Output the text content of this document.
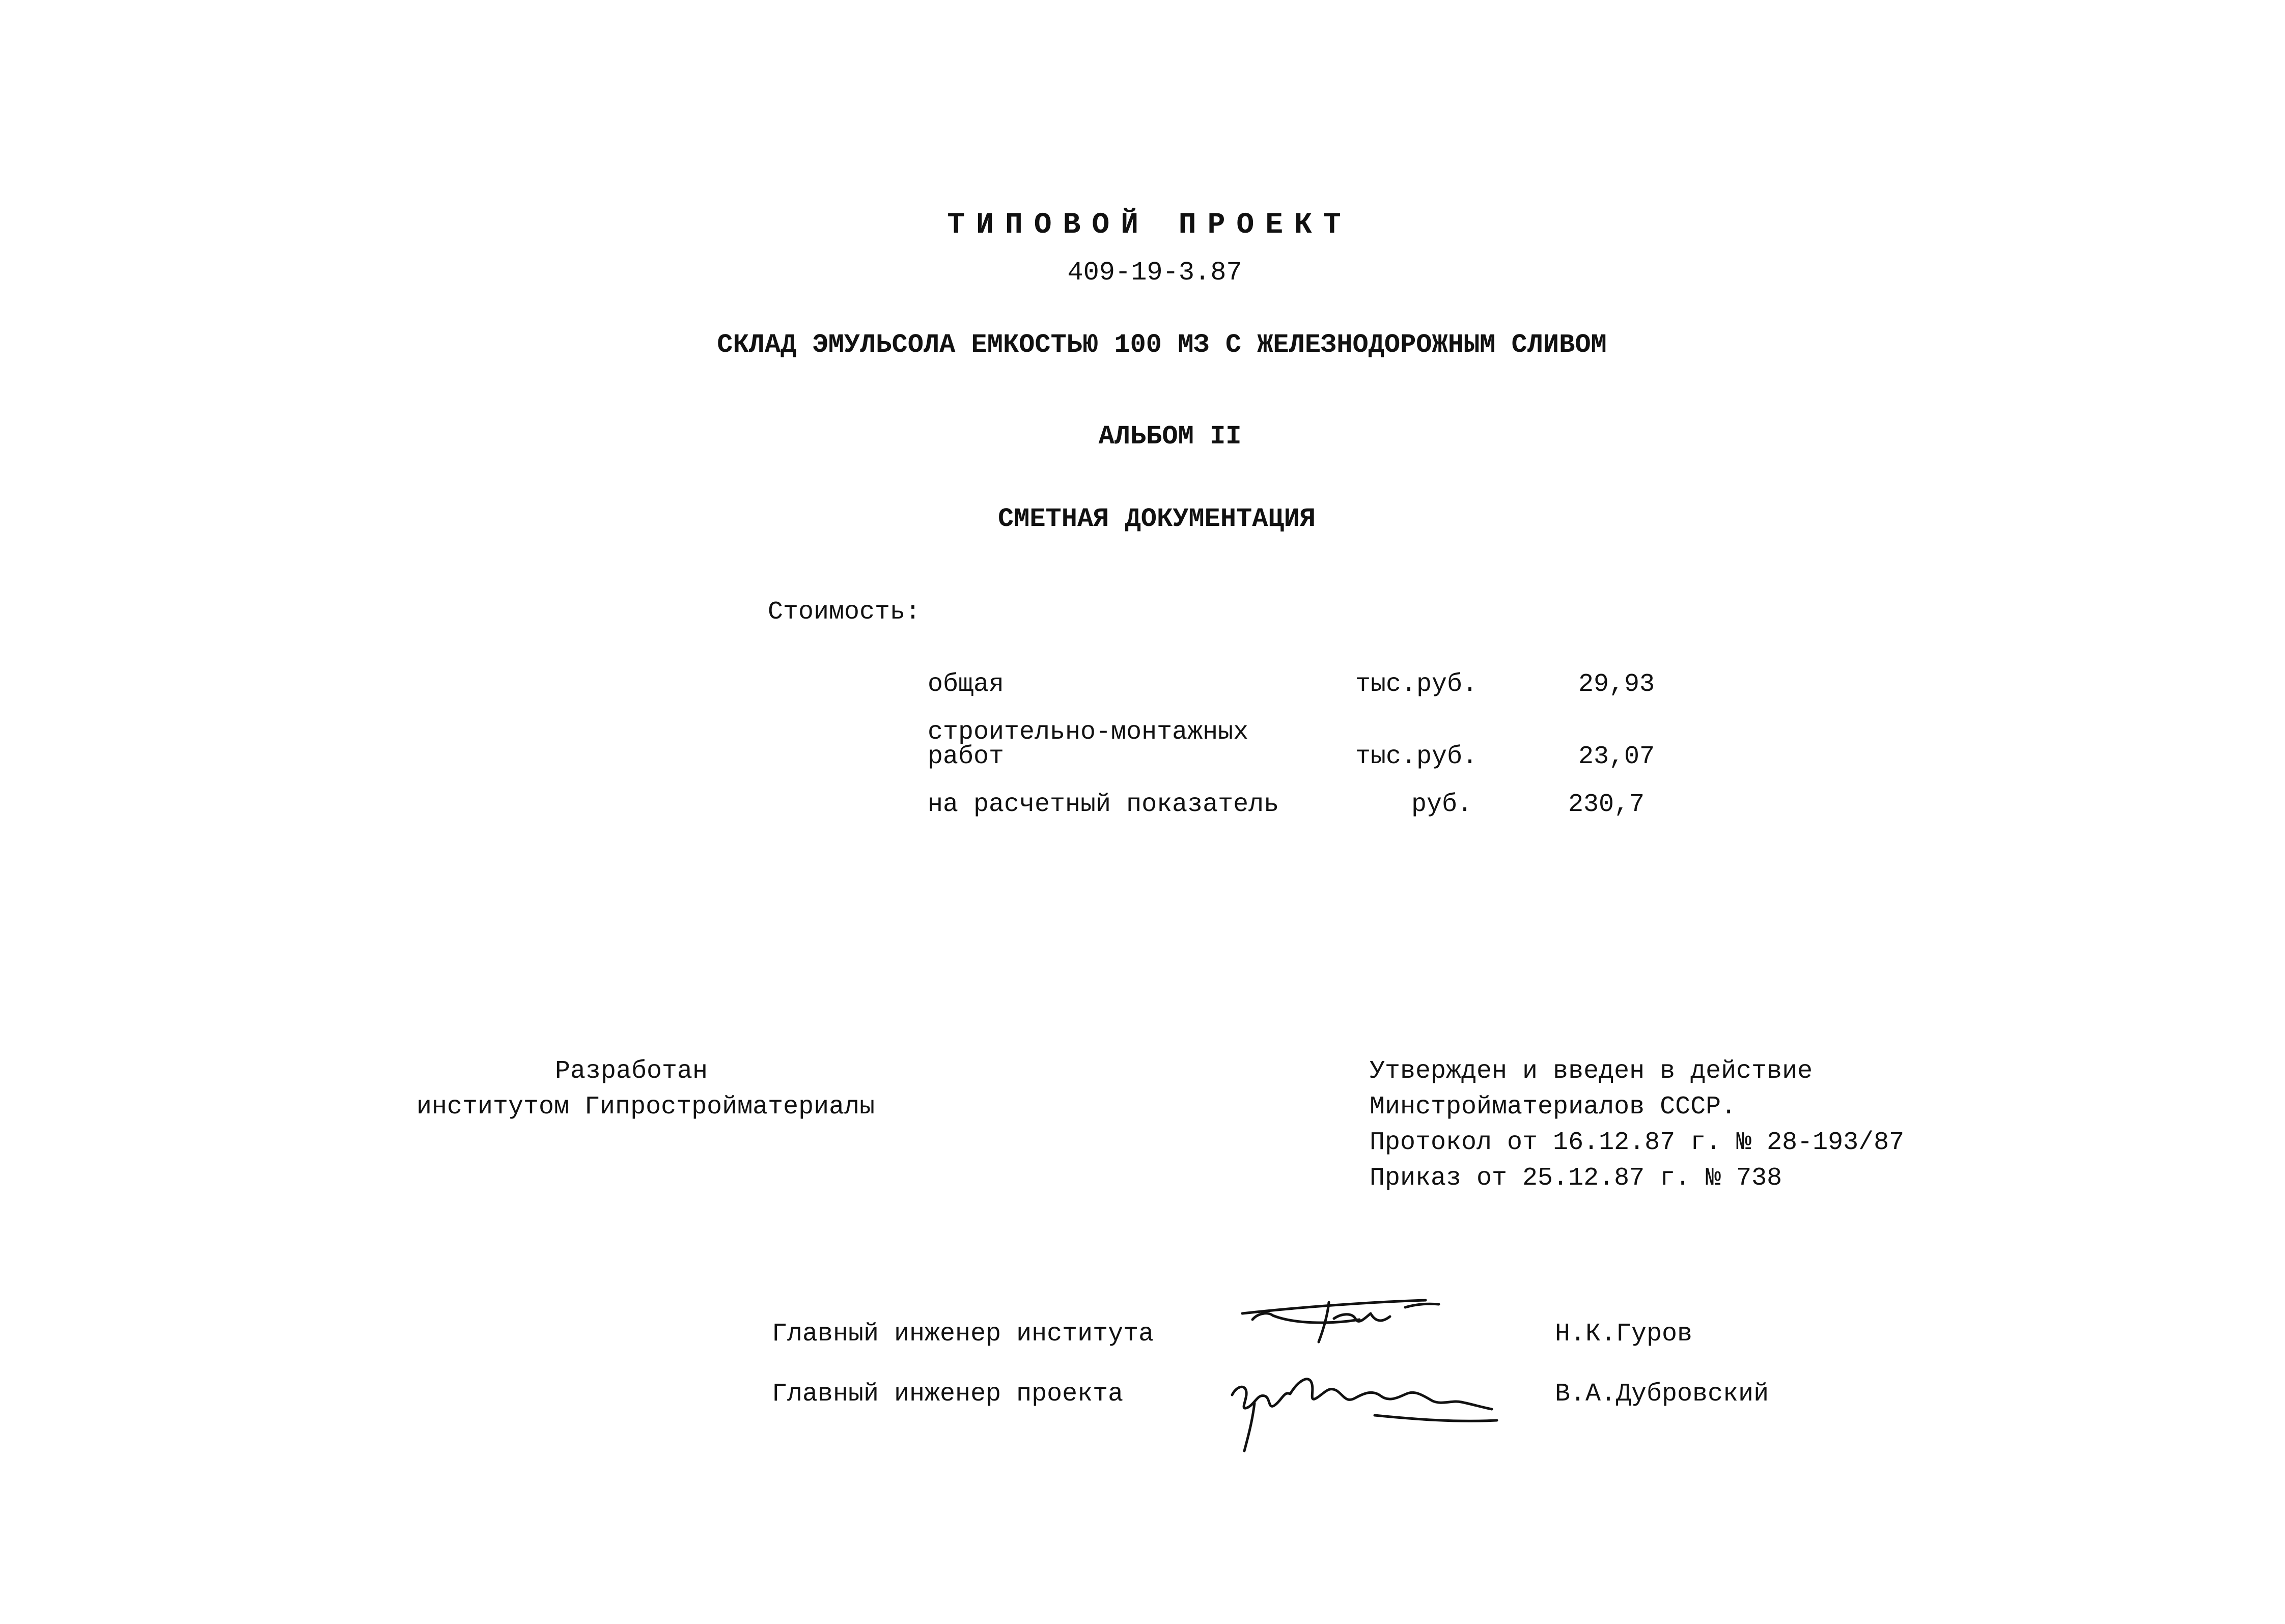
ТИПОВОЙ ПРОЕКТ
409-19-3.87
СКЛАД ЭМУЛЬСОЛА ЕМКОСТЬЮ 100 МЗ С ЖЕЛЕЗНОДОРОЖНЫМ СЛИВОМ
АЛЬБОМ II
СМЕТНАЯ ДОКУМЕНТАЦИЯ
Стоимость:
общая	тыс.руб.	29,93
строительно-монтажных
работ	тыс.руб.	23,07
на расчетный показатель	руб.	230,7
Разработан
институтом Гипростройматериалы
Утвержден и введен в действие
Минстройматериалов СССР.
Протокол от 16.12.87 г. № 28-193/87
Приказ от 25.12.87 г. № 738
Главный инженер института	Н.К.Гуров
Главный инженер проекта	В.А.Дубровский
